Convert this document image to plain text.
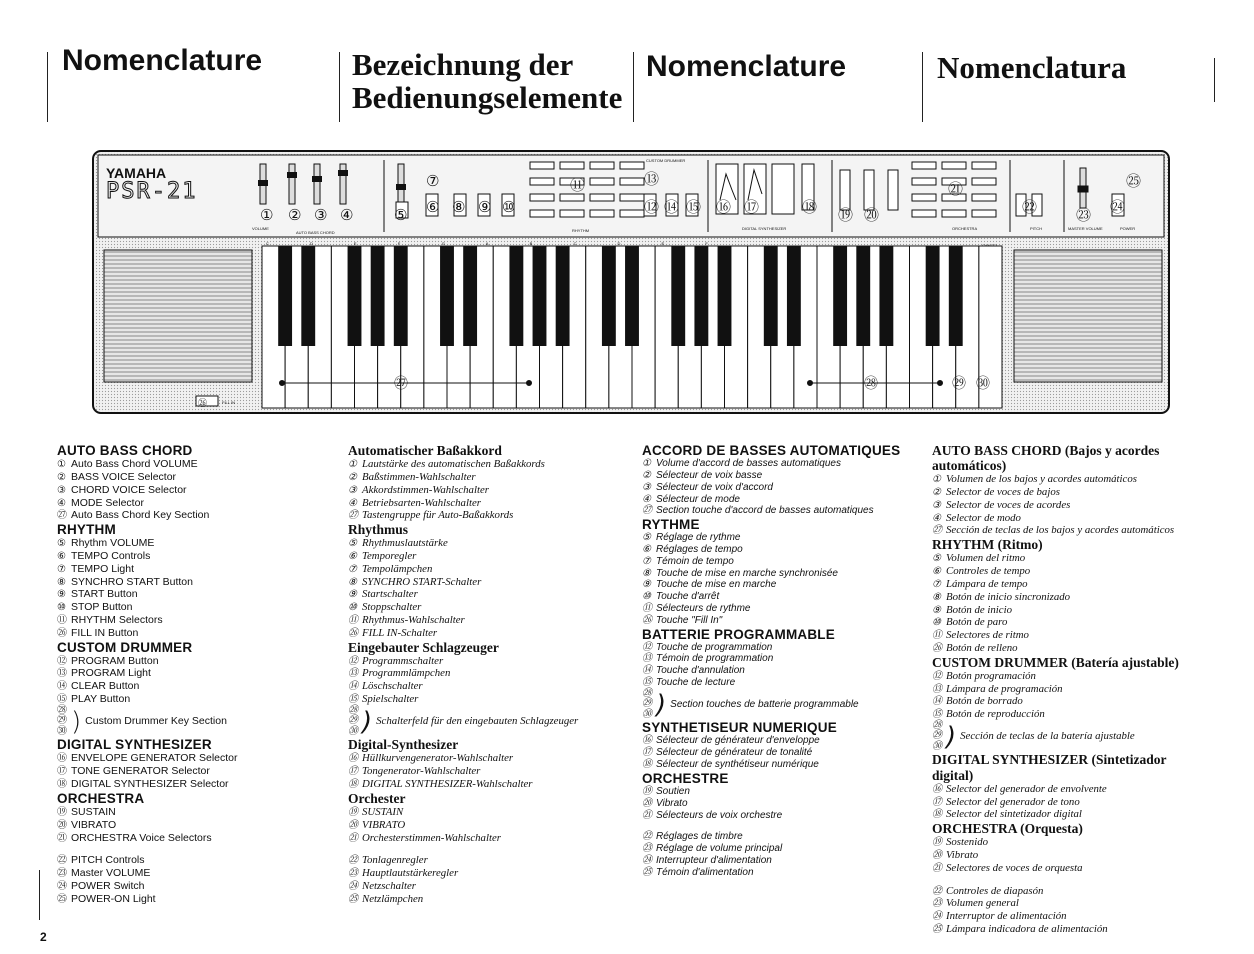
Nomenclature	Bezeichnung der Bedienungselemente
Nomenclature	Nomenclatura
YAMAHA
PSR-21
① ② ③ ④	⑤ ⑥
⑦
⑧ ⑨ ⑩
⑪
⑫
⑬
⑭ ⑮ ⑯ ⑰	⑱ ⑲ ⑳
㉑
㉒	㉓ ㉔
㉕
VOLUME
AUTO BASS CHORD	RHYTHM
CUSTOM DRUMMER
DIGITAL SYNTHESIZER	ORCHESTRA	PITCH	MASTER VOLUME	POWER
FILL IN
㉖
C	D	E	F	G	A	B	C	D	E	F
㉗	㉘	㉙ ㉚
AUTO BASS CHORD
① Auto Bass Chord VOLUME
② BASS VOICE Selector
③ CHORD VOICE Selector
④ MODE Selector
㉗ Auto Bass Chord Key Section
RHYTHM
⑤ Rhythm VOLUME
⑥ TEMPO Controls
⑦ TEMPO Light
⑧ SYNCHRO START Button
⑨ START Button
⑩ STOP Button
⑪ RHYTHM Selectors
㉖ FILL IN Button
CUSTOM DRUMMER
⑫ PROGRAM Button
⑬ PROGRAM Light
⑭ CLEAR Button
⑮ PLAY Button
㉘
㉙
㉚ ) Custom Drummer Key Section
DIGITAL SYNTHESIZER
⑯ ENVELOPE GENERATOR Selector
⑰ TONE GENERATOR Selector
⑱ DIGITAL SYNTHESIZER Selector
ORCHESTRA
⑲ SUSTAIN
⑳ VIBRATO
㉑ ORCHESTRA Voice Selectors
㉒ PITCH Controls
㉓ Master VOLUME
㉔ POWER Switch
㉕ POWER-ON Light
Automatischer Baßakkord
① Lautstärke des automatischen Baßakkords
② Baßstimmen-Wahlschalter
③ Akkordstimmen-Wahlschalter
④ Betriebsarten-Wahlschalter
㉗ Tastengruppe für Auto-Baßakkords
Rhythmus
⑤ Rhythmuslautstärke
⑥ Temporegler
⑦ Tempolämpchen
⑧ SYNCHRO START-Schalter
⑨ Startschalter
⑩ Stoppschalter
⑪ Rhythmus-Wahlschalter
㉖ FILL IN-Schalter
Eingebauter Schlagzeuger
⑫ Programmschalter
⑬ Programmlämpchen
⑭ Löschschalter
⑮ Spielschalter
㉘
㉙
㉚ ) Schalterfeld für den eingebauten Schlagzeuger
Digital-Synthesizer
⑯ Hüllkurvengenerator-Wahlschalter
⑰ Tongenerator-Wahlschalter
⑱ DIGITAL SYNTHESIZER-Wahlschalter
Orchester
⑲ SUSTAIN
⑳ VIBRATO
㉑ Orchesterstimmen-Wahlschalter
㉒ Tonlagenregler
㉓ Hauptlautstärkeregler
㉔ Netzschalter
㉕ Netzlämpchen
ACCORD DE BASSES AUTOMATIQUES
① Volume d'accord de basses automatiques
② Sélecteur de voix basse
③ Sélecteur de voix d'accord
④ Sélecteur de mode
㉗ Section touche d'accord de basses automatiques
RYTHME
⑤ Réglage de rythme
⑥ Réglages de tempo
⑦ Témoin de tempo
⑧ Touche de mise en marche synchronisée
⑨ Touche de mise en marche
⑩ Touche d'arrêt
⑪ Sélecteurs de rythme
㉖ Touche "Fill In"
BATTERIE PROGRAMMABLE
⑫ Touche de programmation
⑬ Témoin de programmation
⑭ Touche d'annulation
⑮ Touche de lecture
㉘
㉙
㉚ ) Section touches de batterie programmable
SYNTHETISEUR NUMERIQUE
⑯ Sélecteur de générateur d'enveloppe
⑰ Sélecteur de générateur de tonalité
⑱ Sélecteur de synthétiseur numérique
ORCHESTRE
⑲ Soutien
⑳ Vibrato
㉑ Sélecteurs de voix orchestre
㉒ Réglages de timbre
㉓ Réglage de volume principal
㉔ Interrupteur d'alimentation
㉕ Témoin d'alimentation
AUTO BASS CHORD (Bajos y acordes automáticos)
① Volumen de los bajos y acordes automáticos
② Selector de voces de bajos
③ Selector de voces de acordes
④ Selector de modo
㉗ Sección de teclas de los bajos y acordes automáticos
RHYTHM (Ritmo)
⑤ Volumen del ritmo
⑥ Controles de tempo
⑦ Lámpara de tempo
⑧ Botón de inicio sincronizado
⑨ Botón de inicio
⑩ Botón de paro
⑪ Selectores de ritmo
㉖ Botón de relleno
CUSTOM DRUMMER (Batería ajustable)
⑫ Botón programación
⑬ Lámpara de programación
⑭ Botón de borrado
⑮ Botón de reproducción
㉘
㉙
㉚ ) Sección de teclas de la batería ajustable
DIGITAL SYNTHESIZER (Sintetizador digital)
⑯ Selector del generador de envolvente
⑰ Selector del generador de tono
⑱ Selector del sintetizador digital
ORCHESTRA (Orquesta)
⑲ Sostenido
⑳ Vibrato
㉑ Selectores de voces de orquesta
㉒ Controles de diapasón
㉓ Volumen general
㉔ Interruptor de alimentación
㉕ Lámpara indicadora de alimentación
2
